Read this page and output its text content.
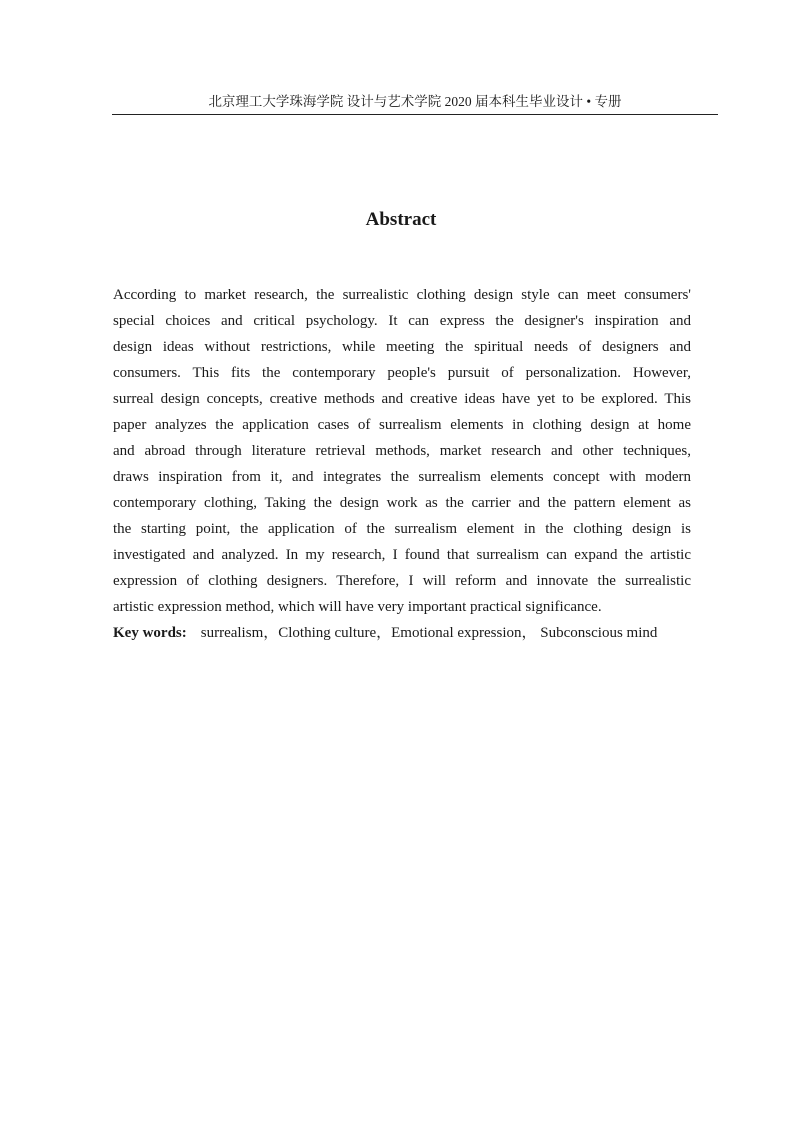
北京理工大学珠海学院 设计与艺术学院 2020 届本科生毕业设计 • 专册
Abstract
According to market research, the surrealistic clothing design style can meet consumers'
special choices and critical psychology. It can express the designer's inspiration and
design ideas without restrictions, while meeting the spiritual needs of designers and
consumers. This fits the contemporary people's pursuit of personalization. However,
surreal design concepts, creative methods and creative ideas have yet to be explored. This
paper analyzes the application cases of surrealism elements in clothing design at home
and abroad through literature retrieval methods, market research and other techniques,
draws inspiration from it, and integrates the surrealism elements concept with modern
contemporary clothing, Taking the design work as the carrier and the pattern element as
the starting point, the application of the surrealism element in the clothing design is
investigated and analyzed. In my research, I found that surrealism can expand the artistic
expression of clothing designers. Therefore, I will reform and innovate the surrealistic
artistic expression method, which will have very important practical significance.
Key words: surrealism，Clothing culture，Emotional expression， Subconscious mind
